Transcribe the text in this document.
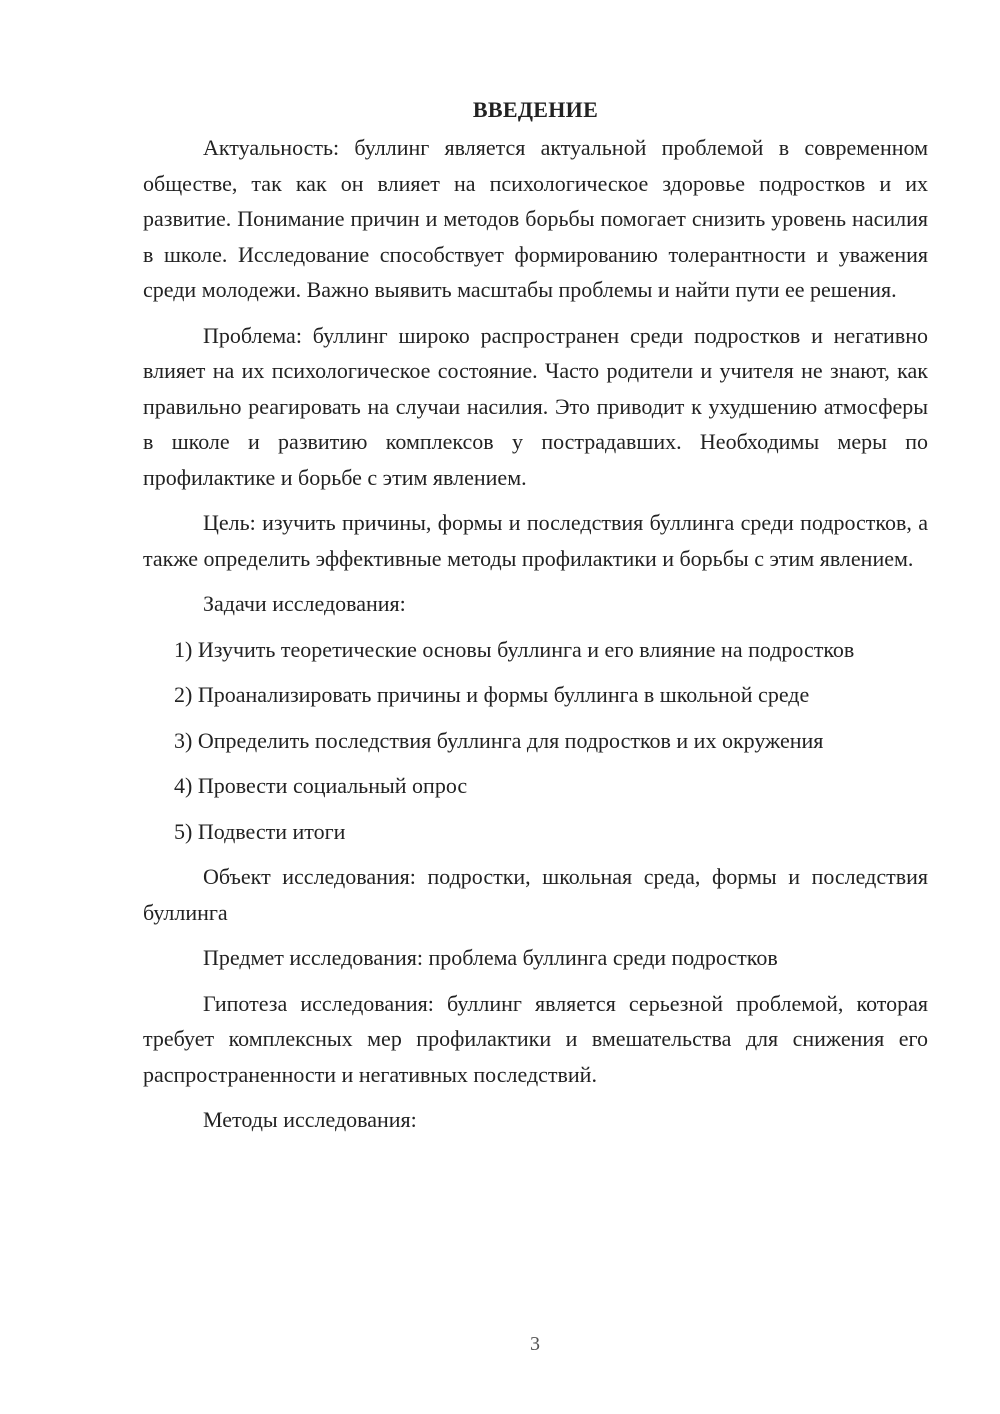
ВВЕДЕНИЕ

Актуальность: буллинг является актуальной проблемой в современном обществе, так как он влияет на психологическое здоровье подростков и их развитие. Понимание причин и методов борьбы помогает снизить уровень насилия в школе. Исследование способствует формированию толерантности и уважения среди молодежи. Важно выявить масштабы проблемы и найти пути ее решения.

Проблема: буллинг широко распространен среди подростков и негативно влияет на их психологическое состояние. Часто родители и учителя не знают, как правильно реагировать на случаи насилия. Это приводит к ухудшению атмосферы в школе и развитию комплексов у пострадавших. Необходимы меры по профилактике и борьбе с этим явлением.

Цель: изучить причины, формы и последствия буллинга среди подростков, а также определить эффективные методы профилактики и борьбы с этим явлением.

Задачи исследования:

1) Изучить теоретические основы буллинга и его влияние на подростков

2) Проанализировать причины и формы буллинга в школьной среде

3) Определить последствия буллинга для подростков и их окружения

4) Провести социальный опрос

5) Подвести итоги

Объект исследования: подростки, школьная среда, формы и последствия буллинга

Предмет исследования: проблема буллинга среди подростков

Гипотеза исследования: буллинг является серьезной проблемой, которая требует комплексных мер профилактики и вмешательства для снижения его распространенности и негативных последствий.

Методы исследования:

3
